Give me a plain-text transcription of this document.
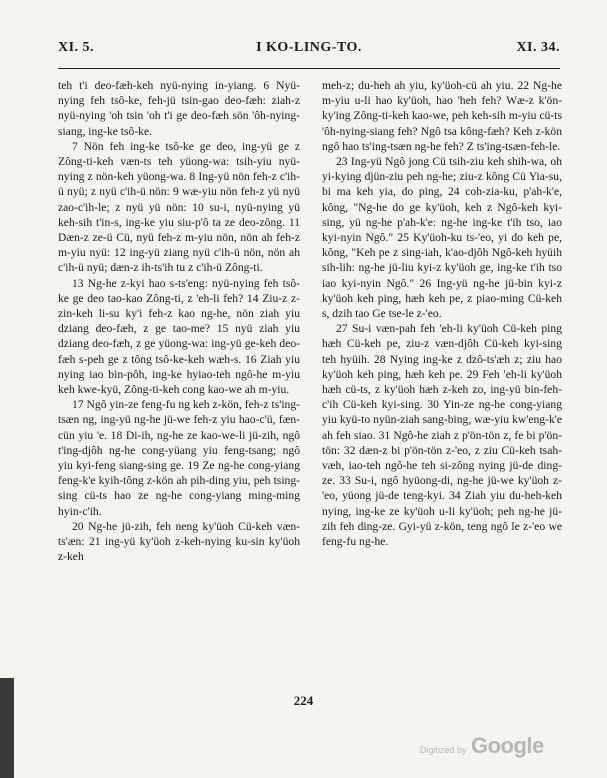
XI. 5.	I KO-LING-TO.	XI. 34.

teh t'i deo-fæh-keh nyü-nying in-yiang. 6 Nyü-nying feh tsô-ke, feh-jü tsin-gao deo-fæh: ziah-z nyü-nying 'oh tsin 'oh t'i ge deo-fæh sön 'ôh-nying-siang, ing-ke tsô-ke.

7 Nön feh ing-ke tsô-ke ge deo, ing-yü ge z Zông-ti-keh væn-ts teh yüong-wa: tsih-yiu nyü-nying z nön-keh yüong-wa. 8 Ing-yü nön feh-z c'ih-ü nyü; z nyü c'ih-ü nön: 9 wæ-yiu nön feh-z yü nyü zao-c'ih-le; z nyü yü nön: 10 su-i, nyü-nying yü keh-sih t'in-s, ing-ke yiu siu-p'ô ta ze deo-zông. 11 Dæn-z ze-ü Cü, nyü feh-z m-yiu nön, nön ah feh-z m-yiu nyü: 12 ing-yü ziang nyü c'ih-ü nön, nön ah c'ih-ü nyü; dæn-z ih-ts'ih tu z c'ih-ü Zông-ti.

13 Ng-he z-kyi hao s-ts'eng: nyü-nying feh tsô-ke ge deo tao-kao Zông-ti, z 'eh-li feh? 14 Ziu-z z-zin-keh li-su ky'i feh-z kao ng-he, nön ziah yiu dziang deo-fæh, z ge tao-me? 15 nyü ziah yiu dziang deo-fæh, z ge yüong-wa: ing-yü ge-keh deo-fæh s-peh ge z tông tsô-ke-keh wæh-s. 16 Ziah yiu nying iao bin-pôh, ing-ke hyiao-teh ngô-he m-yiu keh kwe-kyü, Zông-ti-keh cong kao-we ah m-yiu.

17 Ngô yin-ze feng-fu ng keh z-kön, feh-z ts'ing-tsæn ng, ing-yü ng-he jü-we feh-z yiu hao-c'ü, fæn-cün yiu 'e. 18 Di-ih, ng-he ze kao-we-li jü-zih, ngô t'ing-djôh ng-he cong-yüang yiu feng-tsang; ngô yiu kyi-feng siang-sing ge. 19 Ze ng-he cong-yiang feng-k'e kyih-tông z-kön ah pih-ding yiu, peh tsing-sing cü-ts hao ze ng-he cong-yiang ming-ming hyin-c'ih.

20 Ng-he jü-zih, feh neng ky'üoh Cü-keh væn-ts'æn: 21 ing-yü ky'üoh z-keh-nying ku-sin ky'üoh z-keh

meh-z; du-heh ah yiu, ky'üoh-cü ah yiu. 22 Ng-he m-yiu u-li hao ky'üoh, hao 'heh feh? Wæ-z k'ön-ky'ing Zông-ti-keh kao-we, peh keh-sih m-yiu cü-ts 'ôh-nying-siang feh? Ngô tsa kông-fæh? Keh z-kön ngô hao ts'ing-tsæn ng-he feh? Z ts'ing-tsæn-feh-le.

23 Ing-yü Ngô jong Cü tsih-ziu keh shih-wa, oh yi-kying djün-ziu peh ng-he; ziu-z kông Cü Yia-su, bi ma keh yia, do ping, 24 coh-zia-ku, p'ah-k'e, kông, "Ng-he do ge ky'üoh, keh z Ngô-keh kyi-sing, yü ng-he p'ah-k'e: ng-he ing-ke t'ih tso, iao kyi-nyin Ngô." 25 Ky'üoh-ku ts-'eo, yi do keh pe, kông, "Keh pe z sing-iah, k'ao-djôh Ngô-keh hyüih sih-lih: ng-he jü-liu kyi-z ky'üoh ge, ing-ke t'ih tso iao kyi-nyin Ngô." 26 Ing-yü ng-he jü-bin kyi-z ky'üoh keh ping, hæh keh pe, z piao-ming Cü-keh s, dzih tao Ge tse-le z-'eo.

27 Su-i væn-pah feh 'eh-li ky'üoh Cü-keh ping hæh Cü-keh pe, ziu-z væn-djôh Cü-keh kyi-sing teh hyüih. 28 Nying ing-ke z dzô-ts'æh z; ziu hao ky'üoh keh ping, hæh keh pe. 29 Feh 'eh-li ky'üoh hæh cü-ts, z ky'üoh hæh z-keh zo, ing-yü bin-feh-c'ih Cü-keh kyi-sing. 30 Yin-ze ng-he cong-yiang yiu kyü-to nyün-ziah sang-bing, wæ-yiu kw'eng-k'e ah feh siao. 31 Ngô-he ziah z p'ön-tön z, fe bi p'ön-tön: 32 dæn-z bi p'ön-tön z-'eo, z ziu Cü-keh tsah-væh, iao-teh ngô-he teh si-zông nying jü-de ding-ze. 33 Su-i, ngô hyüong-di, ng-he jü-we ky'üoh z-'eo, yüong jü-de teng-kyi. 34 Ziah yiu du-heh-keh nying, ing-ke ze ky'üoh u-li ky'üoh; peh ng-he jü-zih feh ding-ze. Gyi-yü z-kön, teng ngô le z-'eo we feng-fu ng-he.

224
Digitized by Google
